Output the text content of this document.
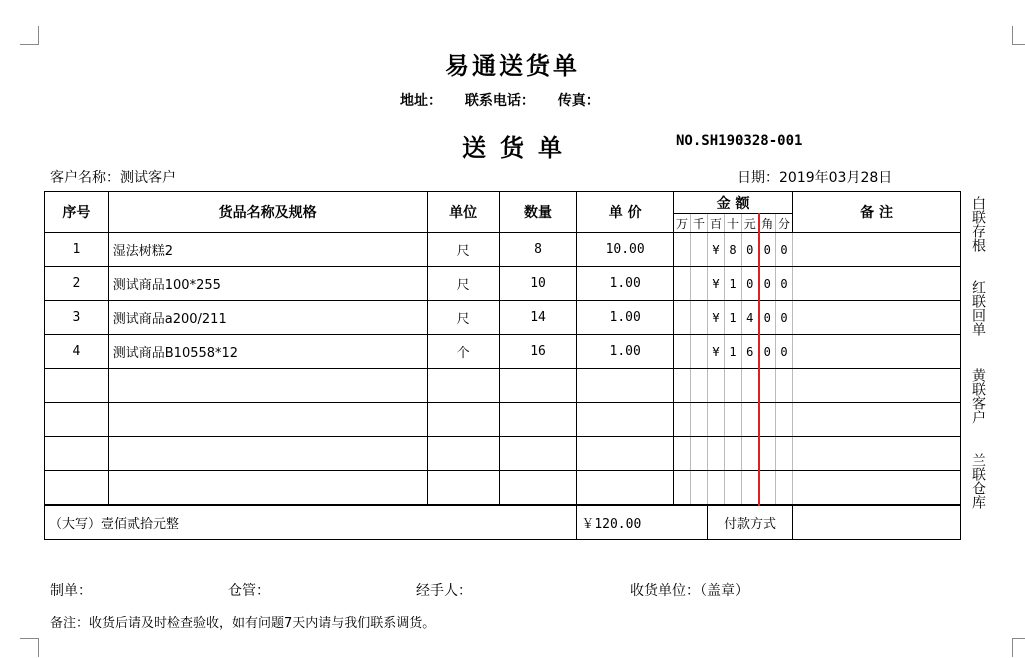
易通送货单
地址： 联系电话： 传真：
送货单	NO.SH190328-001
客户名称：测试客户	日期：2019年03月28日
序号	货品名称及规格	单位	数量	单 价	金 额							备 注
					万	千	百	十	元	角	分	
1	湿法树糕2	尺	8	10.00			¥	8	0	0	0	
2	测试商品100*255	尺	10	1.00			¥	1	0	0	0	
3	测试商品a200/211	尺	14	1.00			¥	1	4	0	0	
4	测试商品B10558*12	个	16	1.00			¥	1	6	0	0	

（大写）壹佰贰拾元整				￥120.00			付款方式					
白联存根
红联回单
黄联客户
兰联仓库
制单：	仓管：	经手人：	收货单位：（盖章）
备注：收货后请及时检查验收，如有问题7天内请与我们联系调货。
